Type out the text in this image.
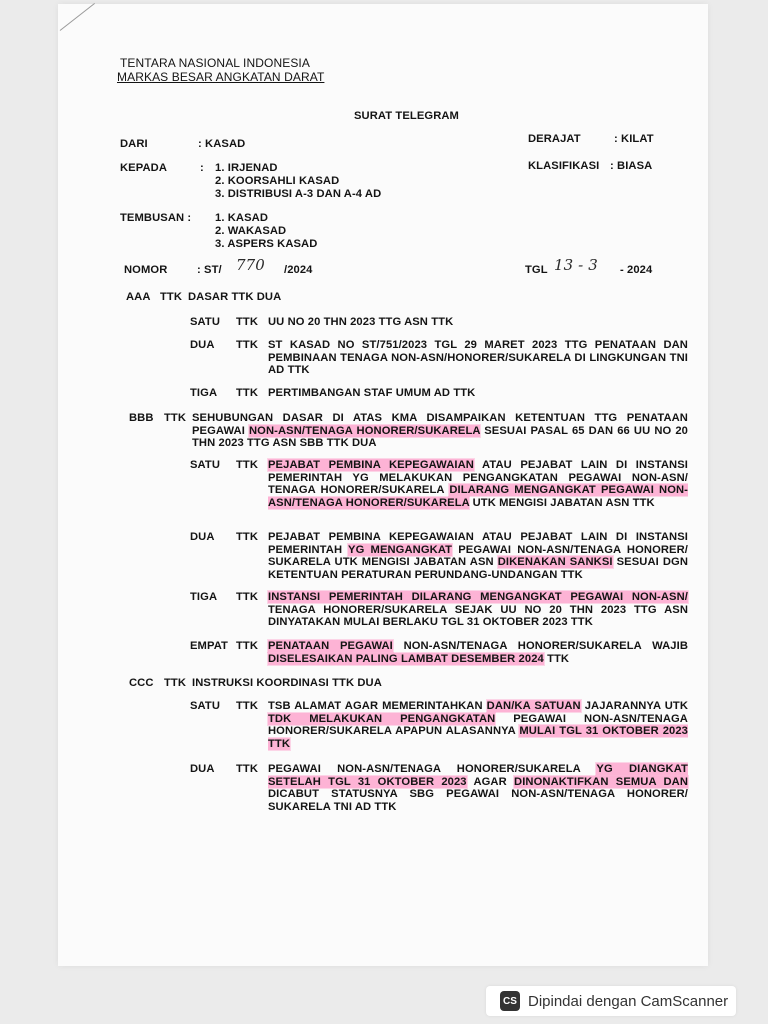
TENTARA NASIONAL INDONESIA
MARKAS BESAR ANGKATAN DARAT
SURAT TELEGRAM
DARI	: KASAD	DERAJAT	: KILAT
KEPADA	: 1. IRJENAD
2. KOORSAHLI KASAD
3. DISTRIBUSI A-3 DAN A-4 AD
KLASIFIKASI : BIASA
TEMBUSAN : 1. KASAD
2. WAKASAD
3. ASPERS KASAD
NOMOR	: ST/ 770 /2024	TGL 13 - 3 - 2024
AAA TTK DASAR TTK DUA
SATU TTK UU NO 20 THN 2023 TTG ASN TTK
DUA TTK ST KASAD NO ST/751/2023 TGL 29 MARET 2023 TTG PENATAAN DAN PEMBINAAN TENAGA NON-ASN/HONORER/SUKARELA DI LINGKUNGAN TNI AD TTK
TIGA TTK PERTIMBANGAN STAF UMUM AD TTK
BBB TTK SEHUBUNGAN DASAR DI ATAS KMA DISAMPAIKAN KETENTUAN TTG PENATAAN PEGAWAI NON-ASN/TENAGA HONORER/SUKARELA SESUAI PASAL 65 DAN 66 UU NO 20 THN 2023 TTG ASN SBB TTK DUA
SATU TTK PEJABAT PEMBINA KEPEGAWAIAN ATAU PEJABAT LAIN DI INSTANSI PEMERINTAH YG MELAKUKAN PENGANGKATAN PEGAWAI NON-ASN/ TENAGA HONORER/SUKARELA DILARANG MENGANGKAT PEGAWAI NON-ASN/TENAGA HONORER/SUKARELA UTK MENGISI JABATAN ASN TTK
DUA TTK PEJABAT PEMBINA KEPEGAWAIAN ATAU PEJABAT LAIN DI INSTANSI PEMERINTAH YG MENGANGKAT PEGAWAI NON-ASN/TENAGA HONORER/ SUKARELA UTK MENGISI JABATAN ASN DIKENAKAN SANKSI SESUAI DGN KETENTUAN PERATURAN PERUNDANG-UNDANGAN TTK
TIGA TTK INSTANSI PEMERINTAH DILARANG MENGANGKAT PEGAWAI NON-ASN/ TENAGA HONORER/SUKARELA SEJAK UU NO 20 THN 2023 TTG ASN DINYATAKAN MULAI BERLAKU TGL 31 OKTOBER 2023 TTK
EMPAT TTK PENATAAN PEGAWAI NON-ASN/TENAGA HONORER/SUKARELA WAJIB DISELESAIKAN PALING LAMBAT DESEMBER 2024 TTK
CCC TTK INSTRUKSI KOORDINASI TTK DUA
SATU TTK TSB ALAMAT AGAR MEMERINTAHKAN DAN/KA SATUAN JAJARANNYA UTK TDK MELAKUKAN PENGANGKATAN PEGAWAI NON-ASN/TENAGA HONORER/SUKARELA APAPUN ALASANNYA MULAI TGL 31 OKTOBER 2023 TTK
DUA TTK PEGAWAI NON-ASN/TENAGA HONORER/SUKARELA YG DIANGKAT SETELAH TGL 31 OKTOBER 2023 AGAR DINONAKTIFKAN SEMUA DAN DICABUT STATUSNYA SBG PEGAWAI NON-ASN/TENAGA HONORER/ SUKARELA TNI AD TTK
CS Dipindai dengan CamScanner
